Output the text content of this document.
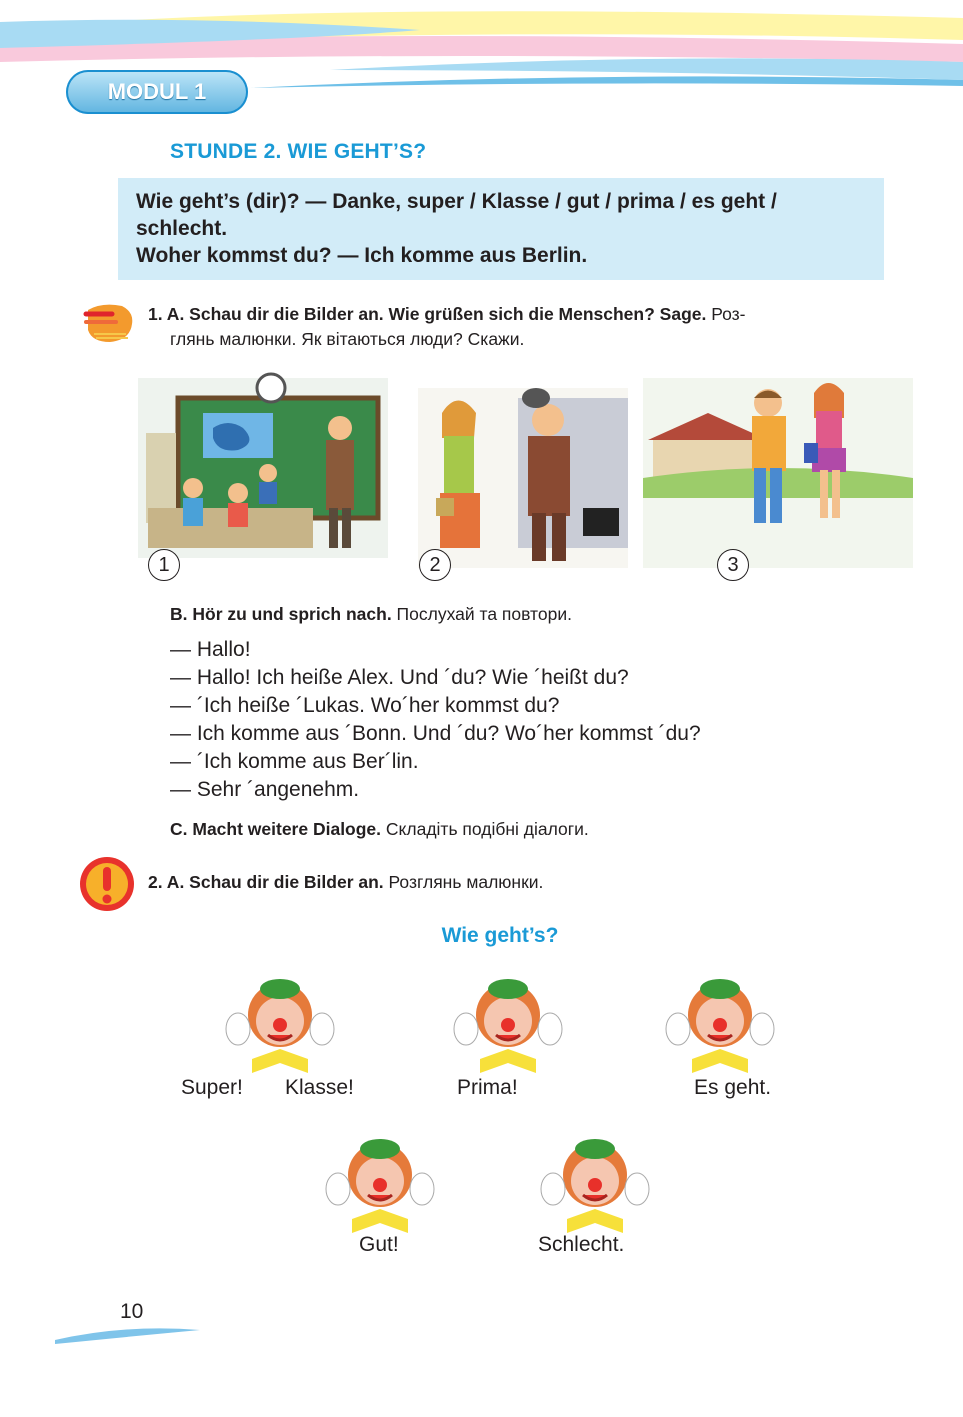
MODUL 1
STUNDE 2. WIE GEHT’S?
Wie geht’s (dir)? — Danke, super / Klasse / gut / prima / es geht /
schlecht.
Woher kommst du? — Ich komme aus Berlin.
1. A. Schau dir die Bilder an. Wie grüßen sich die Menschen? Sage. Роз-
глянь малюнки. Як вітаються люди? Скажи.
1	2	3
B. Hör zu und sprich nach. Послухай та повтори.
— Hallo!
— Hallo! Ich heiße Alex. Und ´du? Wie ´heißt du?
— ´Ich heiße ´Lukas. Wo´her kommst du?
— Ich komme aus ´Bonn. Und ´du? Wo´her kommst ´du?
— ´Ich komme aus Ber´lin.
— Sehr ´angenehm.
C. Macht weitere Dialoge. Складіть подібні діалоги.
2. A. Schau dir die Bilder an. Розглянь малюнки.
Wie geht’s?
Super! Klasse!	Prima!	Es geht.
Gut!	Schlecht.
10
